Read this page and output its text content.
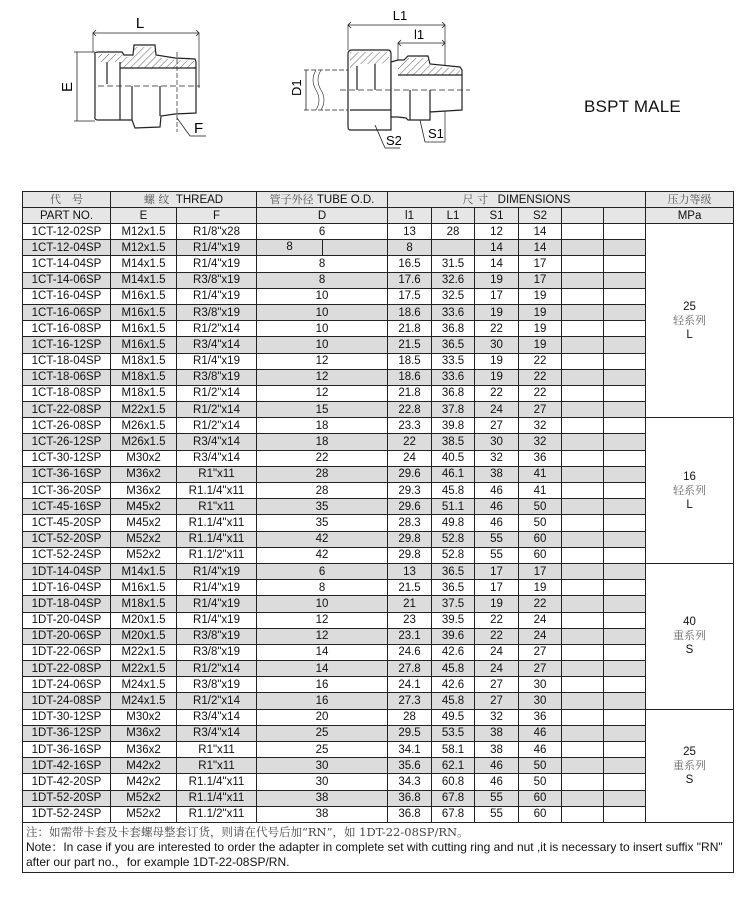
L
E
F
L1
l1
D1
S2 S1
BSPT MALE
代　号	螺 纹 THREAD		管子外径 TUBE O.D.	尺 寸 DIMENSIONS						压力等级
PART NO.	E	F	D	l1	L1	S1	S2			MPa
1CT-12-02SP	M12x1.5	R1/8"x28	6	13	28	12	14			25
轻系列
L

1CT-12-04SP	M12x1.5	R1/4"x19	8	8		14	14			
1CT-14-04SP	M14x1.5	R1/4"x19	8	16.5	31.5	14	17			
1CT-14-06SP	M14x1.5	R3/8"x19	8	17.6	32.6	19	17			
1CT-16-04SP	M16x1.5	R1/4"x19	10	17.5	32.5	17	19			
1CT-16-06SP	M16x1.5	R3/8"x19	10	18.6	33.6	19	19			
1CT-16-08SP	M16x1.5	R1/2"x14	10	21.8	36.8	22	19			
1CT-16-12SP	M16x1.5	R3/4"x14	10	21.5	36.5	30	19			
1CT-18-04SP	M18x1.5	R1/4"x19	12	18.5	33.5	19	22			
1CT-18-06SP	M18x1.5	R3/8"x19	12	18.6	33.6	19	22			
1CT-18-08SP	M18x1.5	R1/2"x14	12	21.8	36.8	22	22			
1CT-22-08SP	M22x1.5	R1/2"x14	15	22.8	37.8	24	27			
1CT-26-08SP	M26x1.5	R1/2"x14	18	23.3	39.8	27	32			16
轻系列
L

1CT-26-12SP	M26x1.5	R3/4"x14	18	22	38.5	30	32			
1CT-30-12SP	M30x2	R3/4"x14	22	24	40.5	32	36			
1CT-36-16SP	M36x2	R1"x11	28	29.6	46.1	38	41			
1CT-36-20SP	M36x2	R1.1/4"x11	28	29.3	45.8	46	41			
1CT-45-16SP	M45x2	R1"x11	35	29.6	51.1	46	50			
1CT-45-20SP	M45x2	R1.1/4"x11	35	28.3	49.8	46	50			
1CT-52-20SP	M52x2	R1.1/4"x11	42	29.8	52.8	55	60			
1CT-52-24SP	M52x2	R1.1/2"x11	42	29.8	52.8	55	60			
1DT-14-04SP	M14x1.5	R1/4"x19	6	13	36.5	17	17			40
重系列
S

1DT-16-04SP	M16x1.5	R1/4"x19	8	21.5	36.5	17	19			
1DT-18-04SP	M18x1.5	R1/4"x19	10	21	37.5	19	22			
1DT-20-04SP	M20x1.5	R1/4"x19	12	23	39.5	22	24			
1DT-20-06SP	M20x1.5	R3/8"x19	12	23.1	39.6	22	24			
1DT-22-06SP	M22x1.5	R3/8"x19	14	24.6	42.6	24	27			
1DT-22-08SP	M22x1.5	R1/2"x14	14	27.8	45.8	24	27			
1DT-24-06SP	M24x1.5	R3/8"x19	16	24.1	42.6	27	30			
1DT-24-08SP	M24x1.5	R1/2"x14	16	27.3	45.8	27	30			
1DT-30-12SP	M30x2	R3/4"x14	20	28	49.5	32	36			25
重系列
S

1DT-36-12SP	M36x2	R3/4"x14	25	29.5	53.5	38	46			
1DT-36-16SP	M36x2	R1"x11	25	34.1	58.1	38	46			
1DT-42-16SP	M42x2	R1"x11	30	35.6	62.1	46	50			
1DT-42-20SP	M42x2	R1.1/4"x11	30	34.3	60.8	46	50			
1DT-52-20SP	M52x2	R1.1/4"x11	38	36.8	67.8	55	60			
1DT-52-24SP	M52x2	R1.1/2"x11	38	36.8	67.8	55	60			

注：如需带卡套及卡套螺母整套订货，则请在代号后加“RN”，如 1DT-22-08SP/RN。
Note：In case if you are interested to order the adapter in complete set with cutting ring and nut ,it is necessary to insert suffix "RN" after our part no.，for example 1DT-22-08SP/RN.										
